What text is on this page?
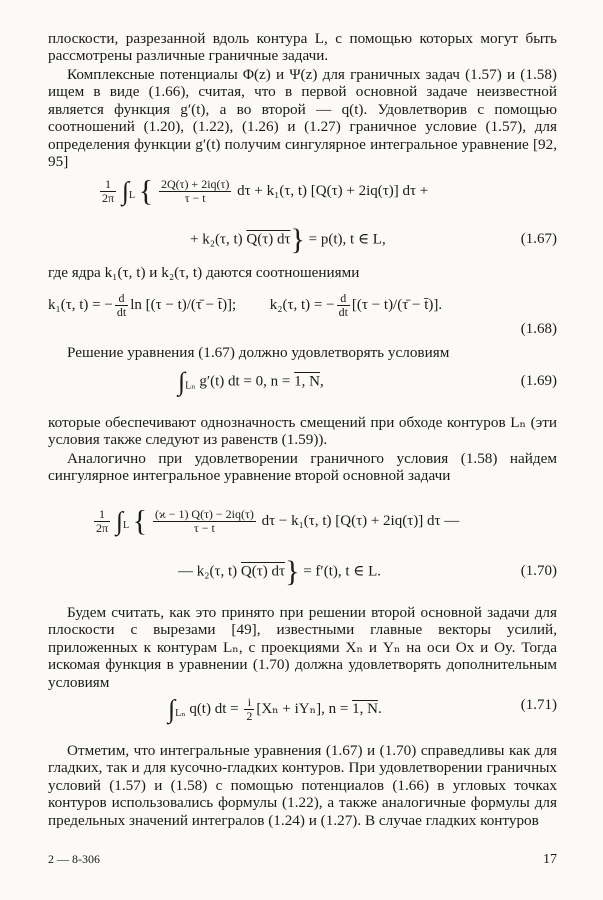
плоскости, разрезанной вдоль контура L, с помощью которых могут быть рассмотрены различные граничные задачи.

Комплексные потенциалы Φ(z) и Ψ(z) для граничных задач (1.57) и (1.58) ищем в виде (1.66), считая, что в первой основной задаче неизвестной является функция g′(t), а во второй — q(t). Удовлетворив с помощью соотношений (1.20), (1.22), (1.26) и (1.27) граничное условие (1.57), для определения функции g′(t) получим сингулярное интегральное уравнение [92, 95]

$\frac{1}{2\pi} \int_L$ { $\frac{2Q(\tau) + 2iq(\tau)}{\tau - t}$ dτ + k₁(τ, t) [Q(τ) + 2iq(τ)] dτ +
+ k₂(τ, t) Q(τ) dτ} = p(t), t ∈ L,	(1.67)

где ядра k₁(τ, t) и k₂(τ, t) даются соотношениями

k₁(τ, t) = − $\frac{d}{dt}$ ln [(τ − t)/(τ̄ − t̄)]; k₂(τ, t) = − $\frac{d}{dt} [(\tau$ − t)/(τ̄ − t̄)].
(1.68)

Решение уравнения (1.67) должно удовлетворять условиям

$\int_{L_n}$ g′(t) dt = 0, n = 1, N,	(1.69)

которые обеспечивают однозначность смещений при обходе контуров Lₙ (эти условия также следуют из равенств (1.59)).

Аналогично при удовлетворении граничного условия (1.58) найдем сингулярное интегральное уравнение второй основной задачи

$\frac{1}{2\pi} \int_L$ { $\frac{(ϰ - 1) Q(\tau) - 2iq(\tau)}{\tau - t}$ dτ − k₁(τ, t) [Q(τ) + 2iq(τ)] dτ —
— k₂(τ, t) Q(τ) dτ} = f′(t), t ∈ L.	(1.70)

Будем считать, как это принято при решении второй основной задачи для плоскости с вырезами [49], известными главные векторы усилий, приложенных к контурам Lₙ, с проекциями Xₙ и Yₙ на оси Ox и Oy. Тогда искомая функция в уравнении (1.70) должна удовлетворять дополнительным условиям

$\int_{L_n}$ q(t) dt = $\frac{i}{2} [X_n + iY_n]$, n = 1, N.	(1.71)

Отметим, что интегральные уравнения (1.67) и (1.70) справедливы как для гладких, так и для кусочно-гладких контуров. При удовлетворении граничных условий (1.57) и (1.58) с помощью потенциалов (1.66) в угловых точках контуров использовались формулы (1.22), а также аналогичные формулы для предельных значений интегралов (1.24) и (1.27). В случае гладких контуров

2 — 8-306	17
